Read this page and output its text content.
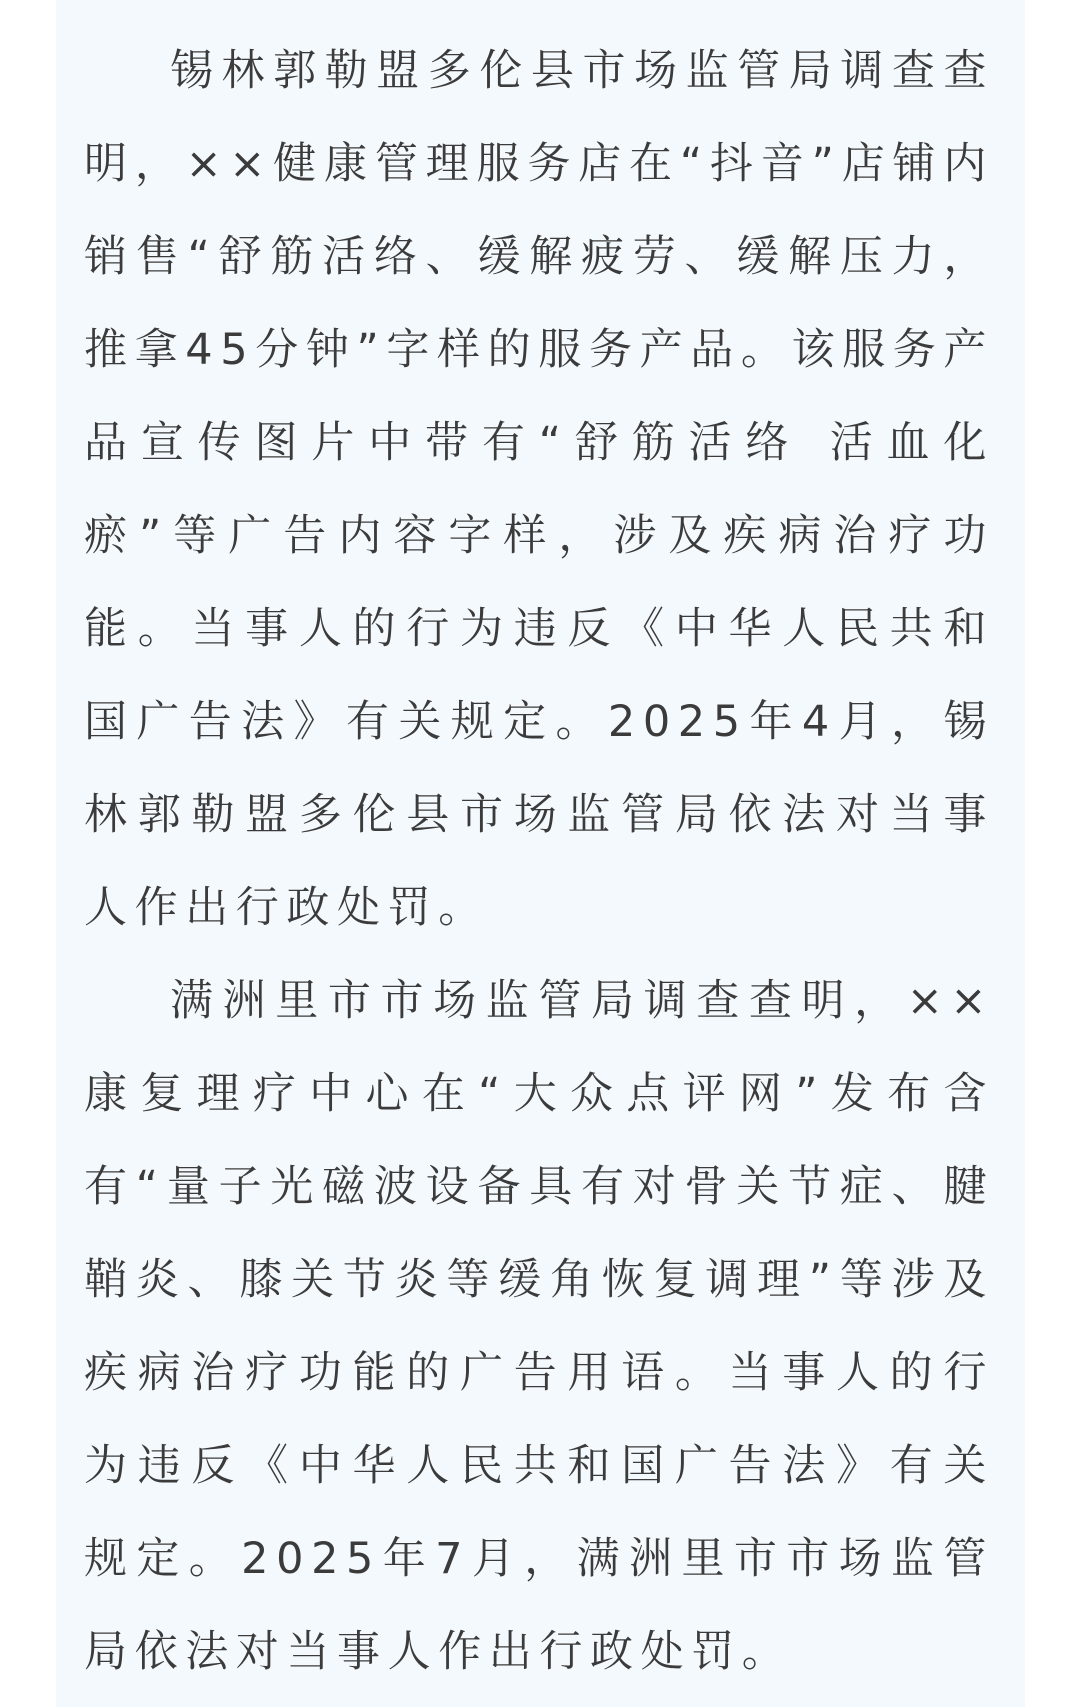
锡林郭勒盟多伦县市场监管局调查查明，××健康管理服务店在“抖音”店铺内销售“舒筋活络、缓解疲劳、缓解压力，推拿45分钟”字样的服务产品。该服务产品宣传图片中带有“舒筋活络 活血化瘀”等广告内容字样，涉及疾病治疗功能。当事人的行为违反《中华人民共和国广告法》有关规定。2025年4月，锡林郭勒盟多伦县市场监管局依法对当事人作出行政处罚。

满洲里市市场监管局调查查明，××康复理疗中心在“大众点评网”发布含有“量子光磁波设备具有对骨关节症、腱鞘炎、膝关节炎等缓角恢复调理”等涉及疾病治疗功能的广告用语。当事人的行为违反《中华人民共和国广告法》有关规定。2025年7月，满洲里市市场监管局依法对当事人作出行政处罚。
